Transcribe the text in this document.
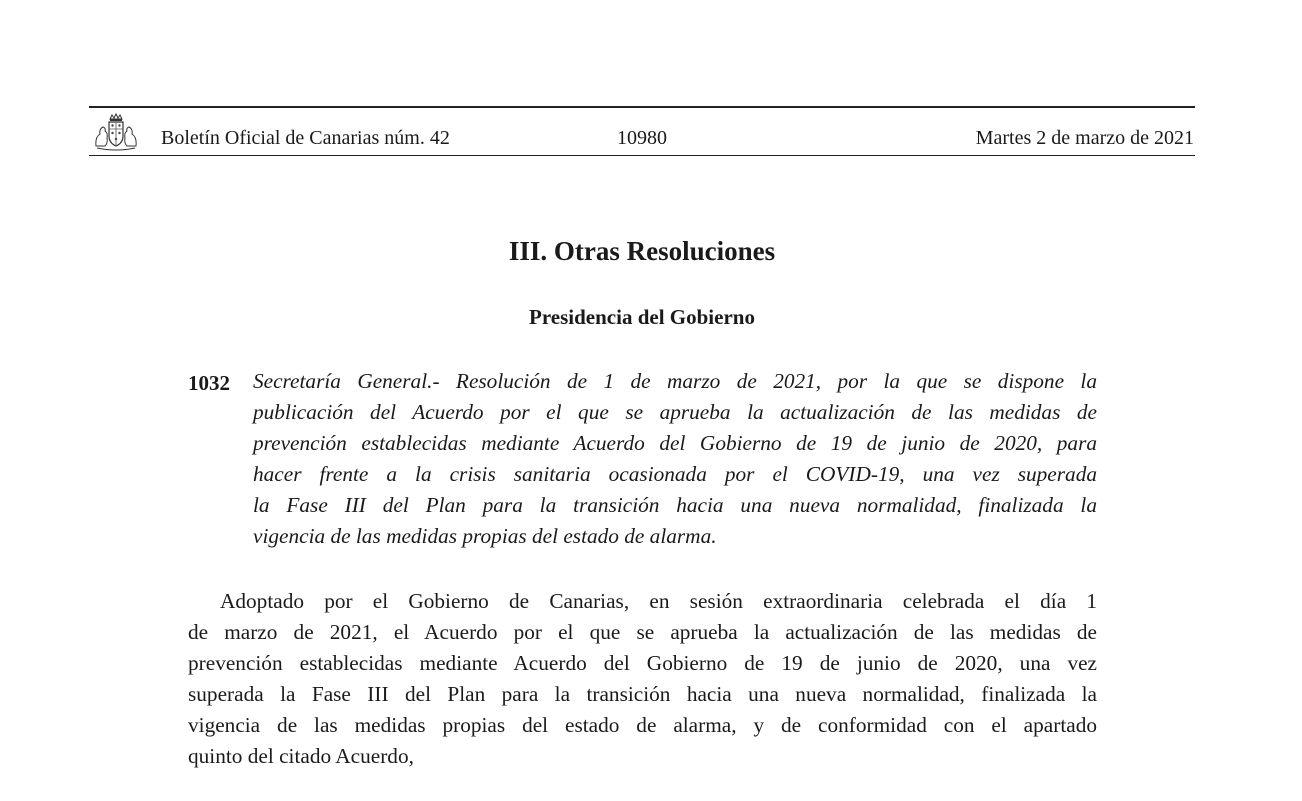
Boletín Oficial de Canarias núm. 42	10980	Martes 2 de marzo de 2021
III. Otras Resoluciones
Presidencia del Gobierno
1032 Secretaría General.- Resolución de 1 de marzo de 2021, por la que se dispone la
publicación del Acuerdo por el que se aprueba la actualización de las medidas de
prevención establecidas mediante Acuerdo del Gobierno de 19 de junio de 2020, para
hacer frente a la crisis sanitaria ocasionada por el COVID-19, una vez superada
la Fase III del Plan para la transición hacia una nueva normalidad, finalizada la
vigencia de las medidas propias del estado de alarma.
Adoptado por el Gobierno de Canarias, en sesión extraordinaria celebrada el día 1
de marzo de 2021, el Acuerdo por el que se aprueba la actualización de las medidas de
prevención establecidas mediante Acuerdo del Gobierno de 19 de junio de 2020, una vez
superada la Fase III del Plan para la transición hacia una nueva normalidad, finalizada la
vigencia de las medidas propias del estado de alarma, y de conformidad con el apartado
quinto del citado Acuerdo,
